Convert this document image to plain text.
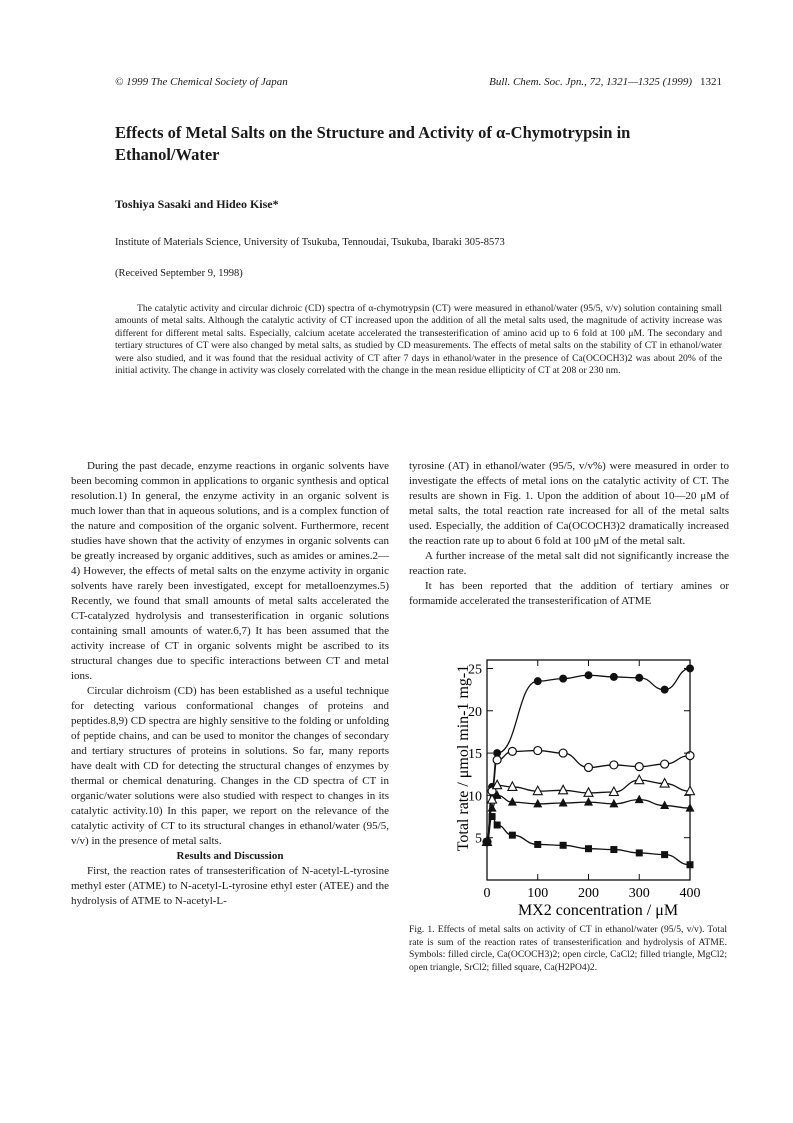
© 1999 The Chemical Society of Japan	Bull. Chem. Soc. Jpn., 72, 1321—1325 (1999) 1321
Effects of Metal Salts on the Structure and Activity of α-Chymotrypsin in Ethanol/Water
Toshiya Sasaki and Hideo Kise*
Institute of Materials Science, University of Tsukuba, Tennoudai, Tsukuba, Ibaraki 305-8573
(Received September 9, 1998)
The catalytic activity and circular dichroic (CD) spectra of α-chymotrypsin (CT) were measured in ethanol/water (95/5, v/v) solution containing small amounts of metal salts. Although the catalytic activity of CT increased upon the addition of all the metal salts used, the magnitude of activity increase was different for different metal salts. Especially, calcium acetate accelerated the transesterification of amino acid up to 6 fold at 100 μM. The secondary and tertiary structures of CT were also changed by metal salts, as studied by CD measurements. The effects of metal salts on the stability of CT in ethanol/water were also studied, and it was found that the residual activity of CT after 7 days in ethanol/water in the presence of Ca(OCOCH3)2 was about 20% of the initial activity. The change in activity was closely correlated with the change in the mean residue ellipticity of CT at 208 or 230 nm.

During the past decade, enzyme reactions in organic solvents have been becoming common in applications to organic synthesis and optical resolution.1) In general, the enzyme activity in an organic solvent is much lower than that in aqueous solutions, and is a complex function of the nature and composition of the organic solvent. Furthermore, recent studies have shown that the activity of enzymes in organic solvents can be greatly increased by organic additives, such as amides or amines.2—4) However, the effects of metal salts on the enzyme activity in organic solvents have rarely been investigated, except for metalloenzymes.5) Recently, we found that small amounts of metal salts accelerated the CT-catalyzed hydrolysis and transesterification in organic solutions containing small amounts of water.6,7) It has been assumed that the activity increase of CT in organic solvents might be ascribed to its structural changes due to specific interactions between CT and metal ions.

Circular dichroism (CD) has been established as a useful technique for detecting various conformational changes of proteins and peptides.8,9) CD spectra are highly sensitive to the folding or unfolding of peptide chains, and can be used to monitor the changes of secondary and tertiary structures of proteins in solutions. So far, many reports have dealt with CD for detecting the structural changes of enzymes by thermal or chemical denaturing. Changes in the CD spectra of CT in organic/water solutions were also studied with respect to changes in its catalytic activity.10) In this paper, we report on the relevance of the catalytic activity of CT to its structural changes in ethanol/water (95/5, v/v) in the presence of metal salts.

Results and Discussion

First, the reaction rates of transesterification of N-acetyl-L-tyrosine methyl ester (ATME) to N-acetyl-L-tyrosine ethyl ester (ATEE) and the hydrolysis of ATME to N-acetyl-L-

tyrosine (AT) in ethanol/water (95/5, v/v%) were measured in order to investigate the effects of metal ions on the catalytic activity of CT. The results are shown in Fig. 1. Upon the addition of about 10—20 μM of metal salts, the total reaction rate increased for all of the metal salts used. Especially, the addition of Ca(OCOCH3)2 dramatically increased the reaction rate up to about 6 fold at 100 μM of the metal salt.

A further increase of the metal salt did not significantly increase the reaction rate.

It has been reported that the addition of tertiary amines or formamide accelerated the transesterification of ATME

0	100 200 300 400
5
10
15
20
25
MX2 concentration / μM
Total rate / μmol min-1 mg-1
Fig. 1. Effects of metal salts on activity of CT in ethanol/water (95/5, v/v). Total rate is sum of the reaction rates of transesterification and hydrolysis of ATME. Symbols: filled circle, Ca(OCOCH3)2; open circle, CaCl2; filled triangle, MgCl2; open triangle, SrCl2; filled square, Ca(H2PO4)2.
